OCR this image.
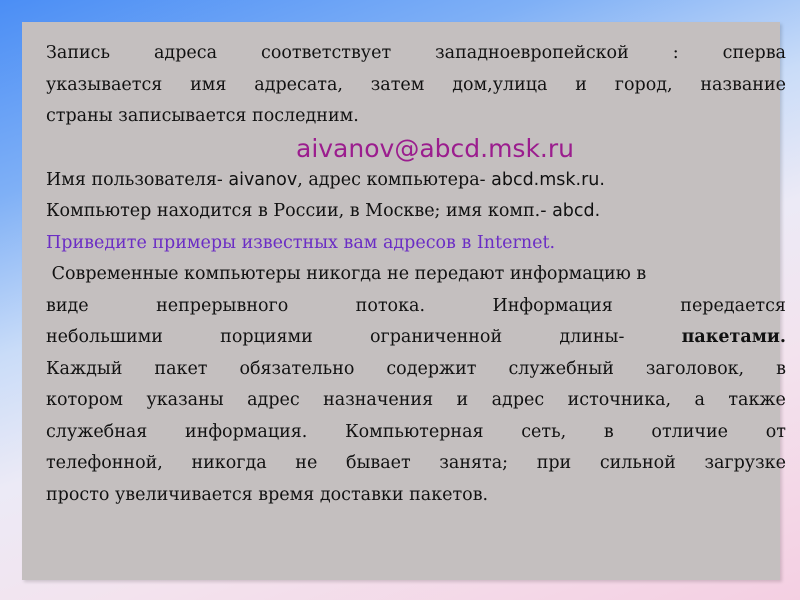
Запись	адреса	соответствует	западноевропейской	:	сперва
указывается имя адресата, затем дом,улица и город, название
страны записывается последним.
aivanov@abcd.msk.ru
Имя пользователя- aivanov, адрес компьютера- abcd.msk.ru.
Компьютер находится в России, в Москве; имя комп.- abcd.
Приведите примеры известных вам адресов в Internet.
Современные компьютеры никогда не передают информацию в
виде	непрерывного	потока.	Информация	передается
небольшими	порциями	ограниченной	длины-	пакетами.
Каждый пакет обязательно содержит служебный заголовок, в
котором указаны адрес назначения и адрес источника, а также
служебная информация. Компьютерная сеть, в отличие от
телефонной, никогда не бывает занята; при сильной загрузке
просто увеличивается время доставки пакетов.
